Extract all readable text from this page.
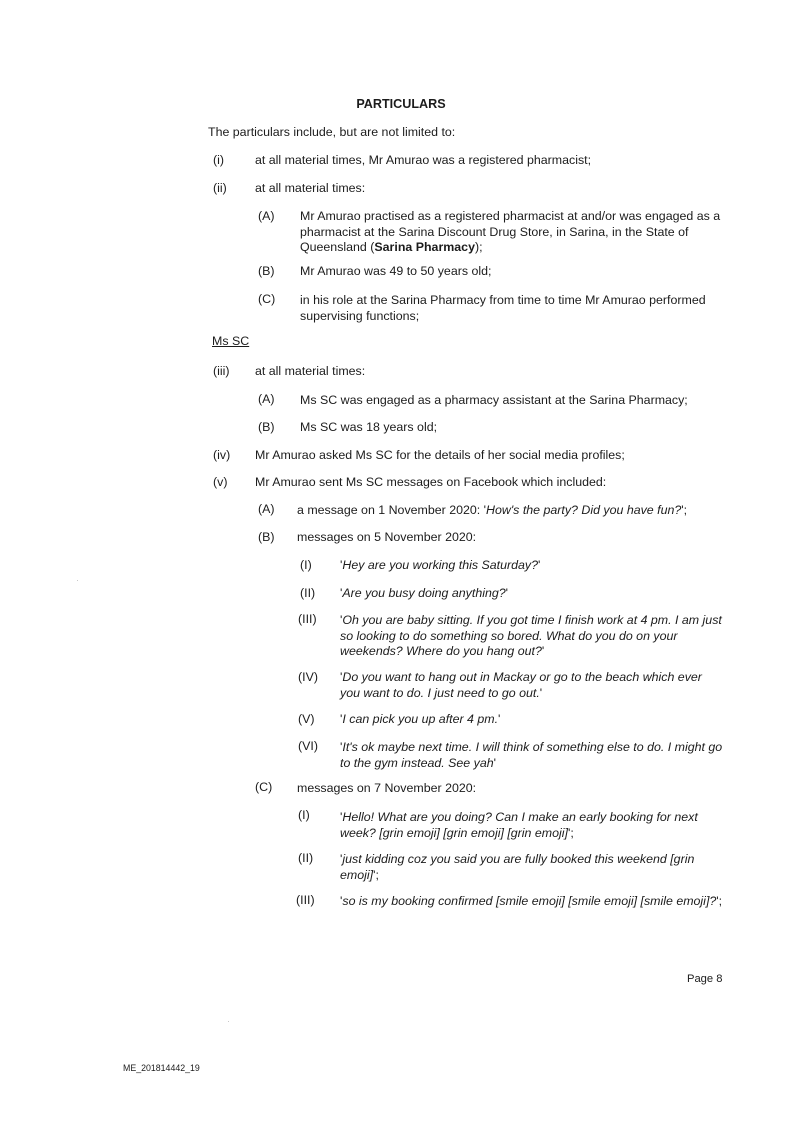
PARTICULARS
The particulars include, but are not limited to:
(i) at all material times, Mr Amurao was a registered pharmacist;
(ii) at all material times:
(A) Mr Amurao practised as a registered pharmacist at and/or was engaged as a pharmacist at the Sarina Discount Drug Store, in Sarina, in the State of Queensland (Sarina Pharmacy);
(B) Mr Amurao was 49 to 50 years old;
(C) in his role at the Sarina Pharmacy from time to time Mr Amurao performed supervising functions;
Ms SC
(iii) at all material times:
(A) Ms SC was engaged as a pharmacy assistant at the Sarina Pharmacy;
(B) Ms SC was 18 years old;
(iv) Mr Amurao asked Ms SC for the details of her social media profiles;
(v) Mr Amurao sent Ms SC messages on Facebook which included:
(A) a message on 1 November 2020: 'How's the party? Did you have fun?';
(B) messages on 5 November 2020:
(I) 'Hey are you working this Saturday?'
(II) 'Are you busy doing anything?'
(III) 'Oh you are baby sitting. If you got time I finish work at 4 pm. I am just so looking to do something so bored. What do you do on your weekends? Where do you hang out?'
(IV) 'Do you want to hang out in Mackay or go to the beach which ever you want to do. I just need to go out.'
(V) 'I can pick you up after 4 pm.'
(VI) 'It's ok maybe next time. I will think of something else to do. I might go to the gym instead. See yah'
(C) messages on 7 November 2020:
(I) 'Hello! What are you doing? Can I make an early booking for next week? [grin emoji] [grin emoji] [grin emoji]';
(II) 'just kidding coz you said you are fully booked this weekend [grin emoji]';
(III) 'so is my booking confirmed [smile emoji] [smile emoji] [smile emoji]?';
Page 8
ME_201814442_19
